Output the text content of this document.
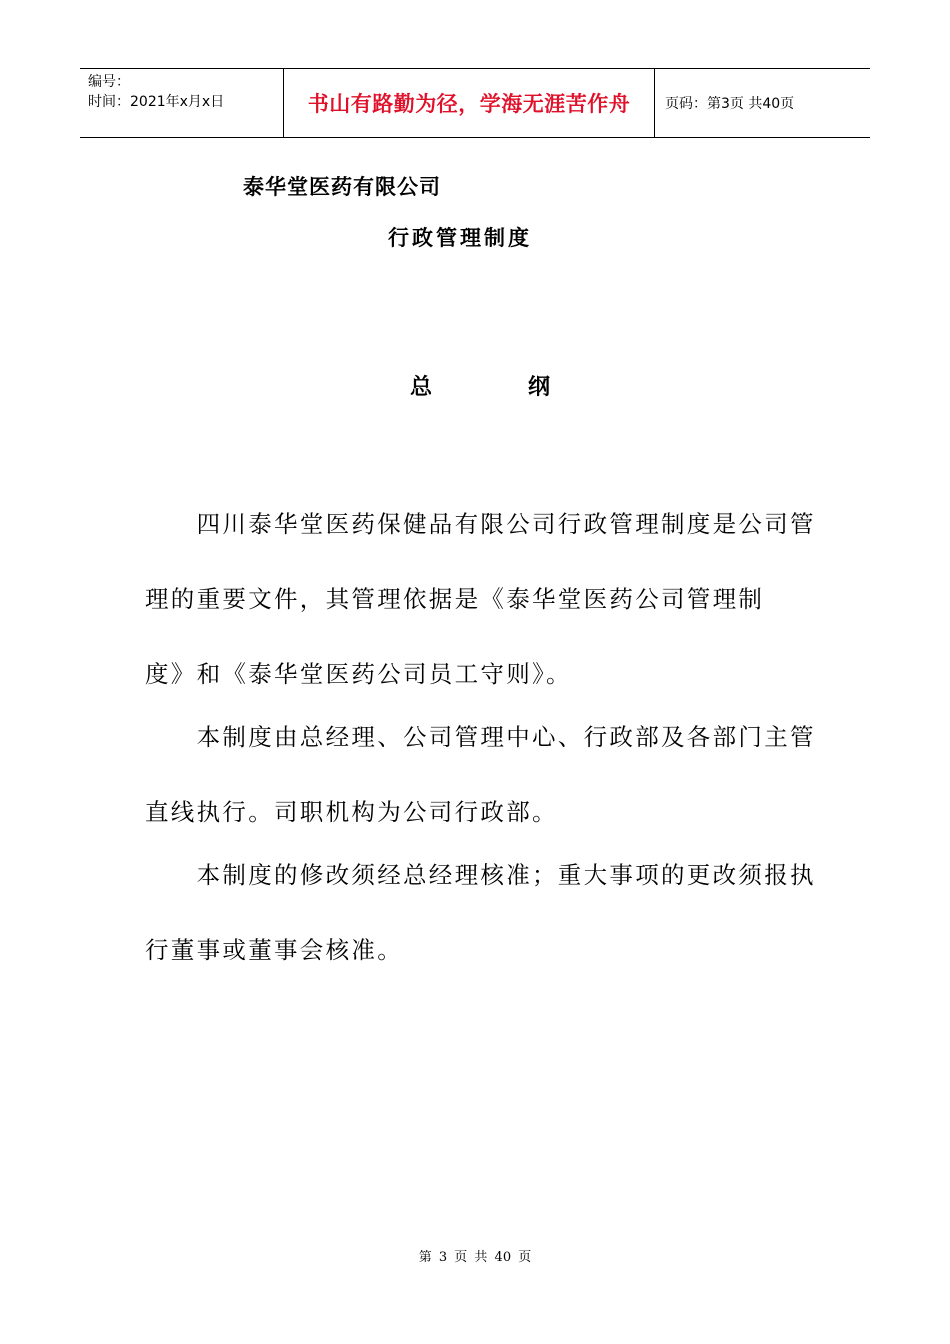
编号：
时间：2021年x月x日	书山有路勤为径，学海无涯苦作舟 页码：第3页 共40页
泰华堂医药有限公司
行政管理制度
总	纲
　　四川泰华堂医药保健品有限公司行政管理制度是公司管
理的重要文件，其管理依据是《泰华堂医药公司管理制
度》和《泰华堂医药公司员工守则》。
　　本制度由总经理、公司管理中心、行政部及各部门主管
直线执行。司职机构为公司行政部。
　　本制度的修改须经总经理核准；重大事项的更改须报执
行董事或董事会核准。
第 3 页 共 40 页
